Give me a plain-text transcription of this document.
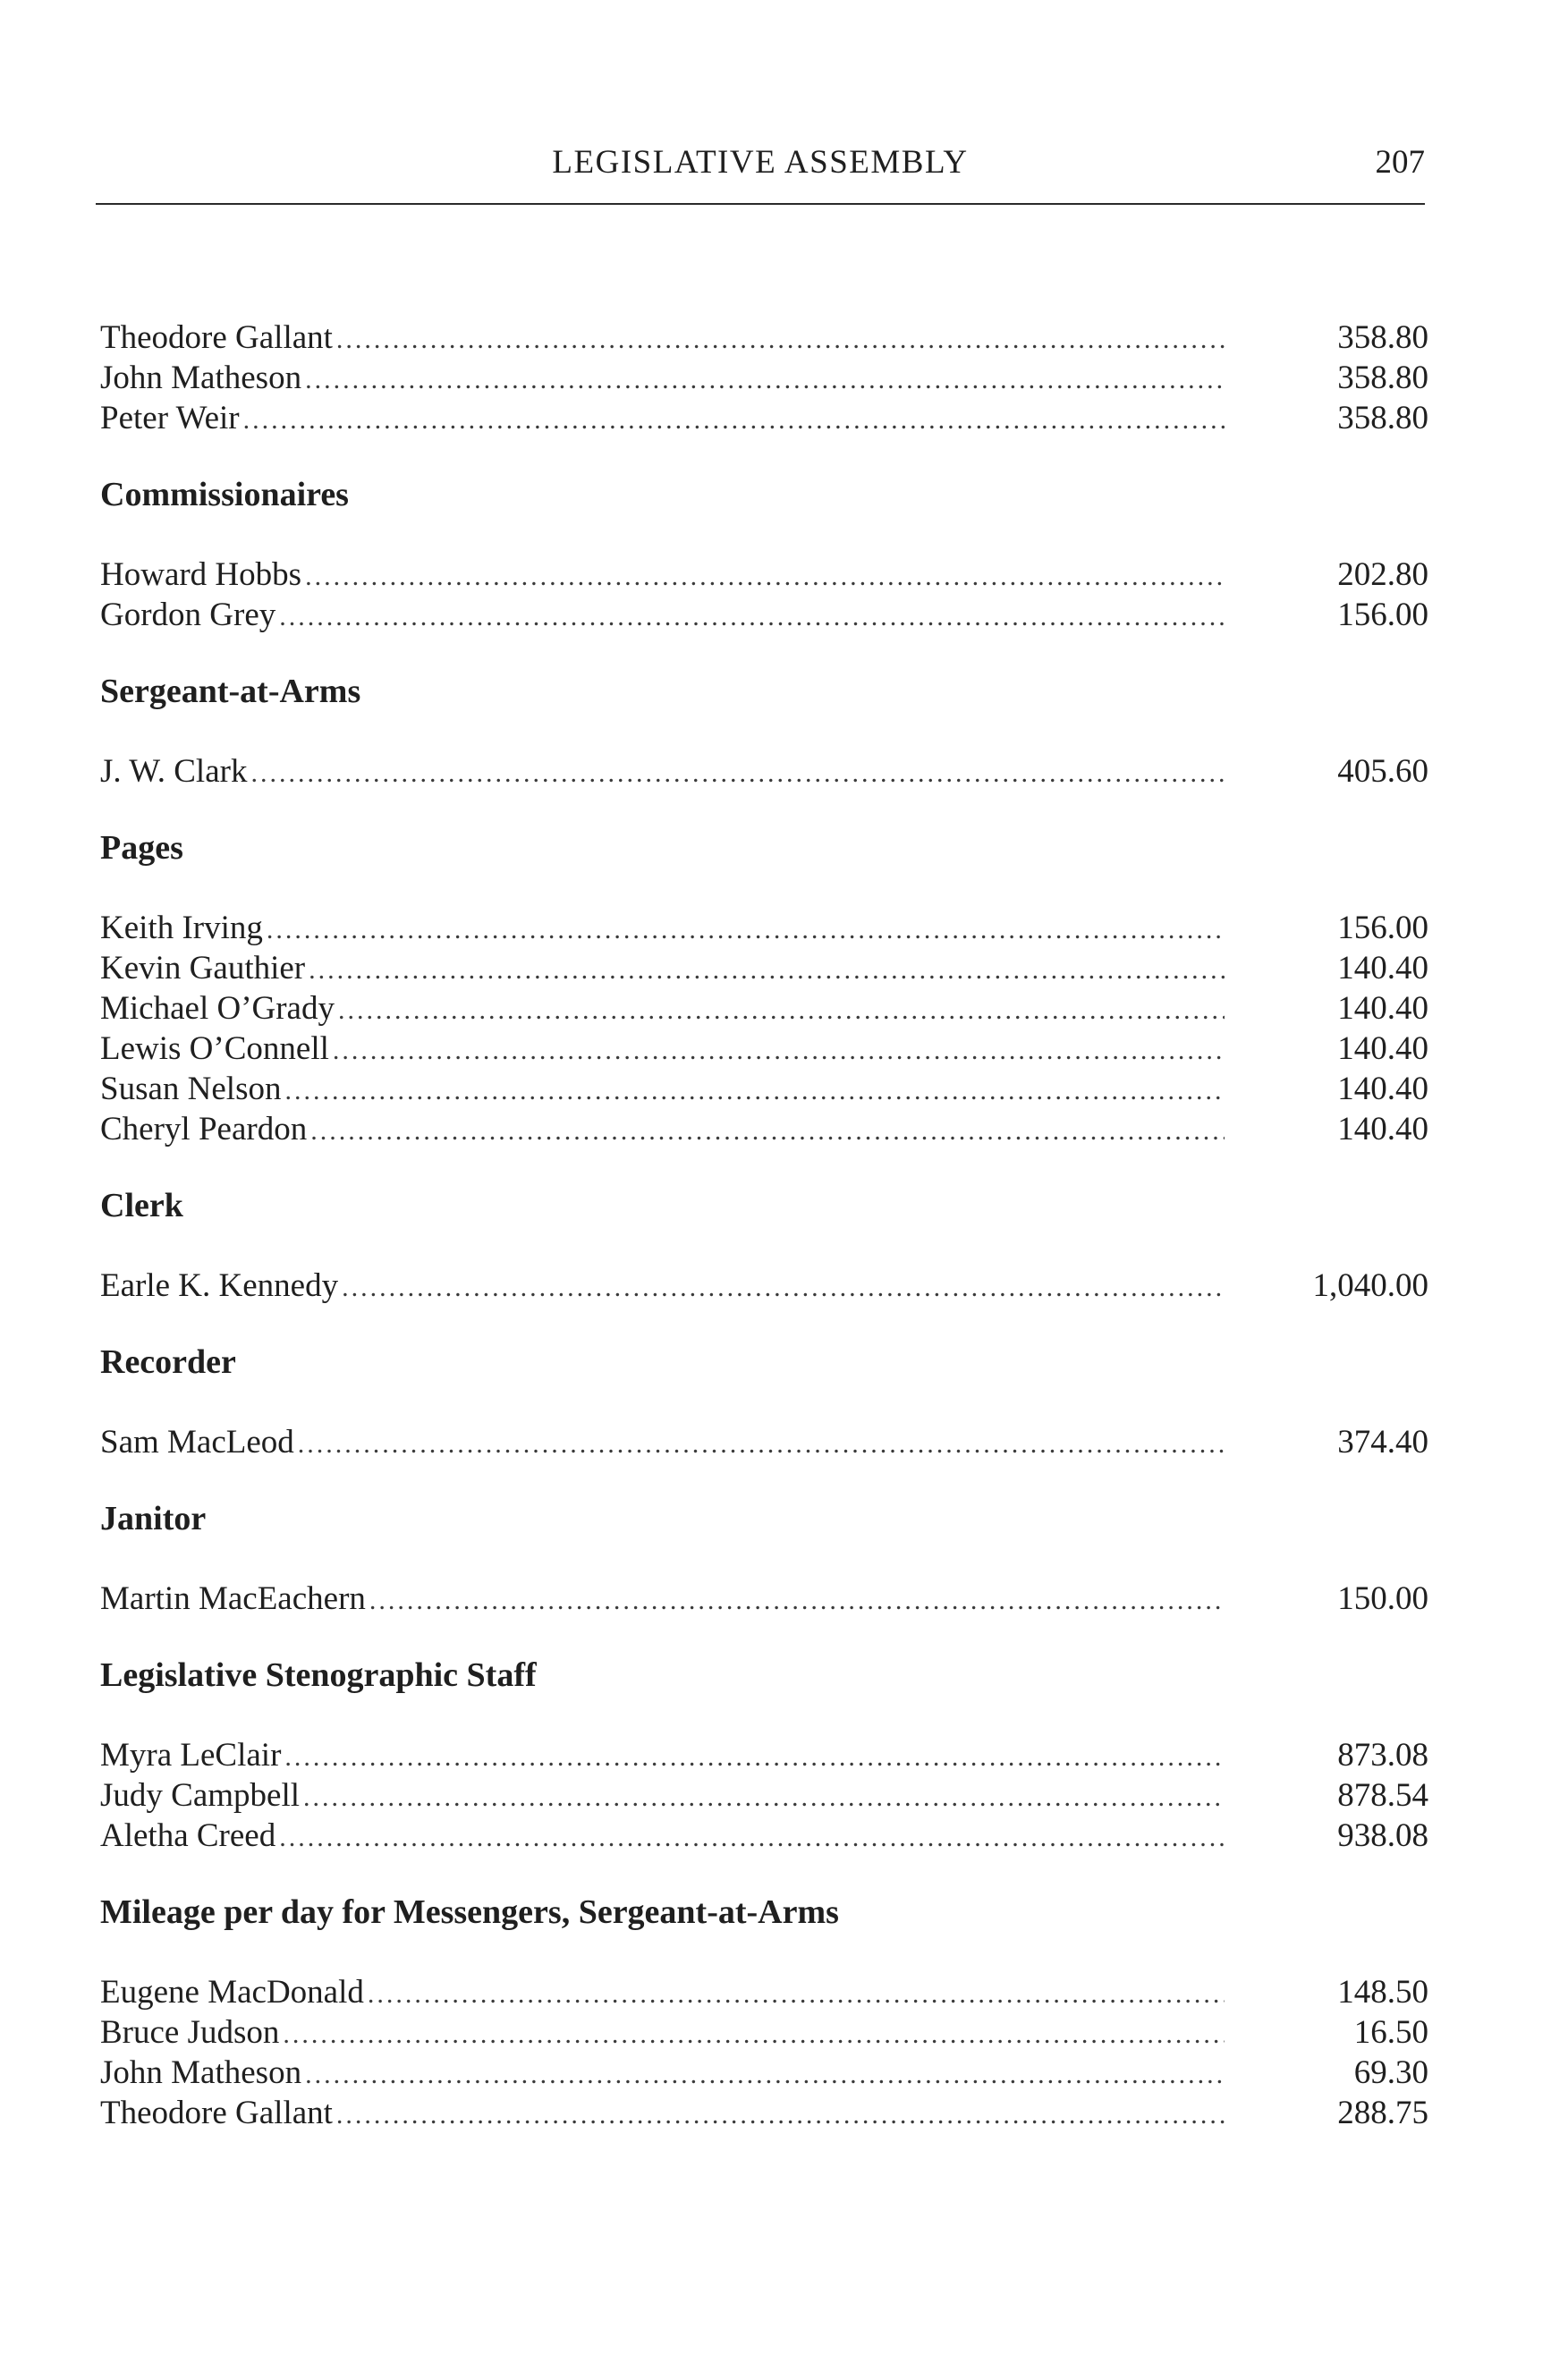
LEGISLATIVE ASSEMBLY	207
Theodore Gallant .....	358.80
John Matheson .....	358.80
Peter Weir .....	358.80
Commissionaires
Howard Hobbs .....	202.80
Gordon Grey .....	156.00
Sergeant-at-Arms
J. W. Clark .....	405.60
Pages
Keith Irving .....	156.00
Kevin Gauthier .....	140.40
Michael O’Grady .....	140.40
Lewis O’Connell .....	140.40
Susan Nelson .....	140.40
Cheryl Peardon .....	140.40
Clerk
Earle K. Kennedy .....	1,040.00
Recorder
Sam MacLeod .....	374.40
Janitor
Martin MacEachern .....	150.00
Legislative Stenographic Staff
Myra LeClair .....	873.08
Judy Campbell .....	878.54
Aletha Creed .....	938.08
Mileage per day for Messengers, Sergeant-at-Arms
Eugene MacDonald .....	148.50
Bruce Judson .....	16.50
John Matheson .....	69.30
Theodore Gallant .....	288.75
